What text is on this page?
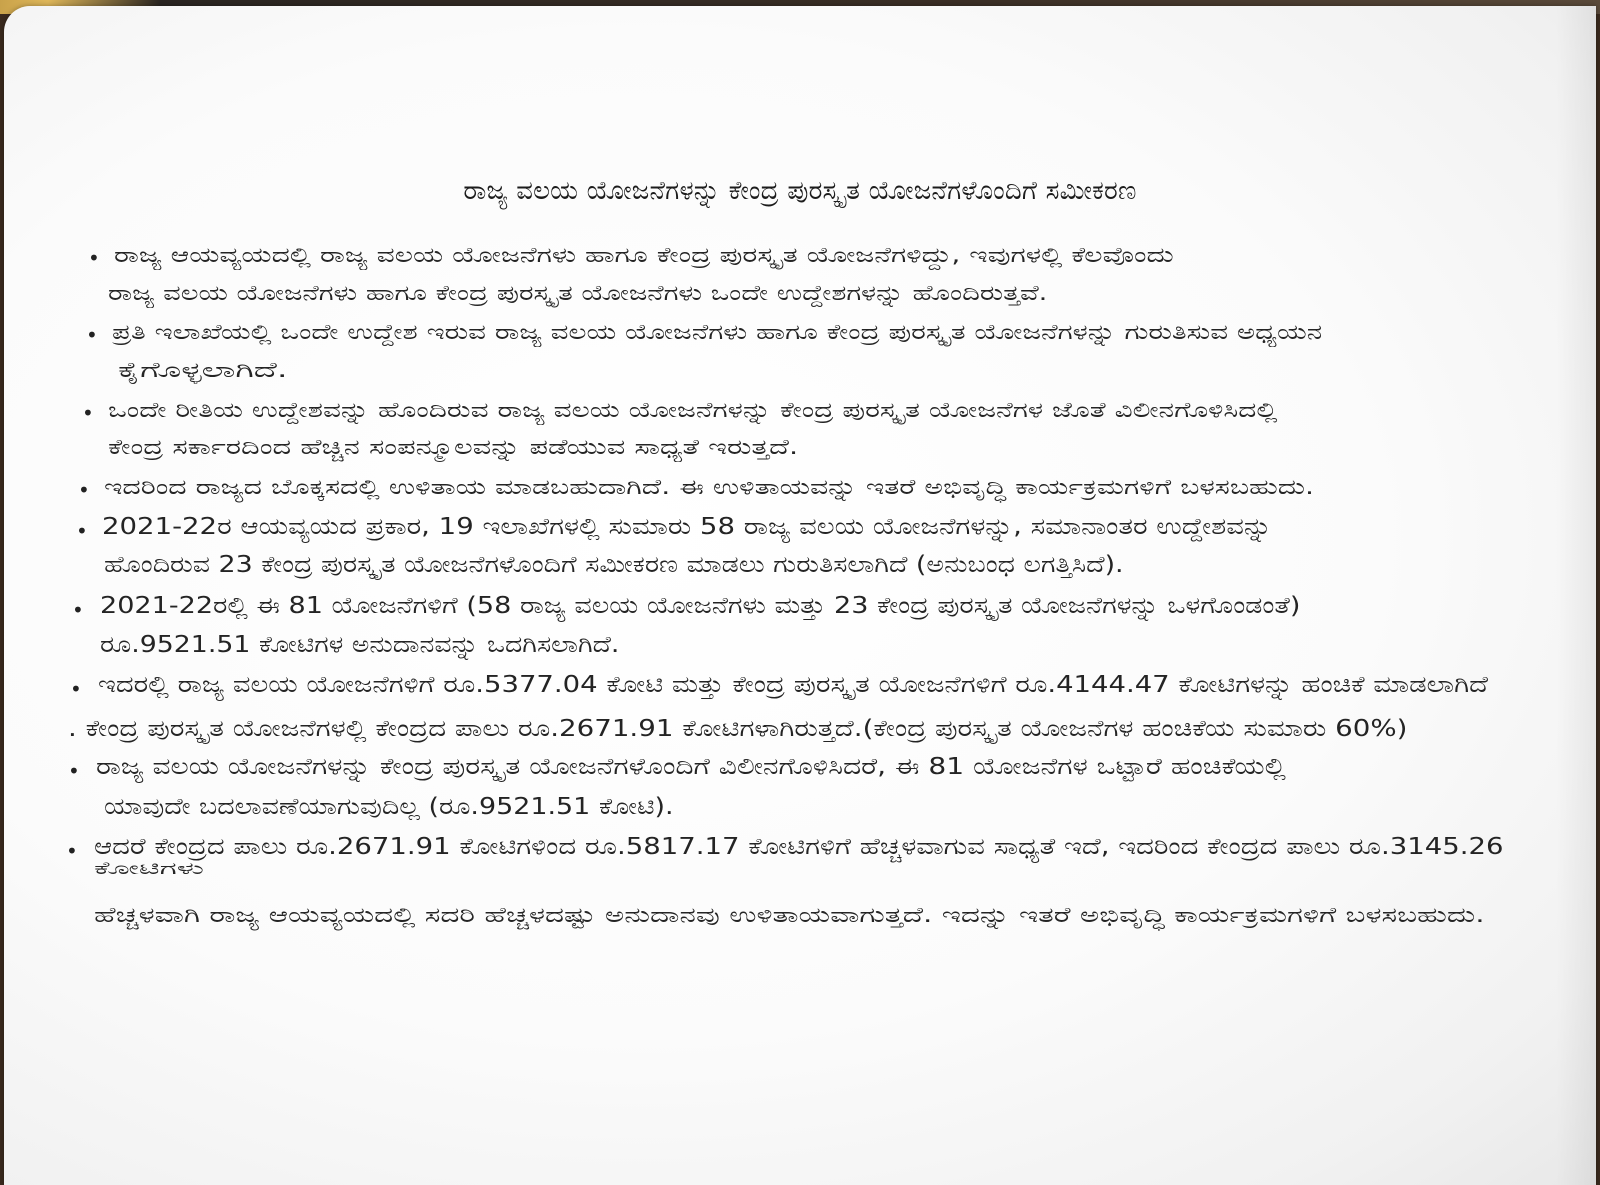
ರಾಜ್ಯ ವಲಯ ಯೋಜನೆಗಳನ್ನು ಕೇಂದ್ರ ಪುರಸ್ಕೃತ ಯೋಜನೆಗಳೊಂದಿಗೆ ಸಮೀಕರಣ
• ರಾಜ್ಯ ಆಯವ್ಯಯದಲ್ಲಿ ರಾಜ್ಯ ವಲಯ ಯೋಜನೆಗಳು ಹಾಗೂ ಕೇಂದ್ರ ಪುರಸ್ಕೃತ ಯೋಜನೆಗಳಿದ್ದು, ಇವುಗಳಲ್ಲಿ ಕೆಲವೊಂದು
ರಾಜ್ಯ ವಲಯ ಯೋಜನೆಗಳು ಹಾಗೂ ಕೇಂದ್ರ ಪುರಸ್ಕೃತ ಯೋಜನೆಗಳು ಒಂದೇ ಉದ್ದೇಶಗಳನ್ನು ಹೊಂದಿರುತ್ತವೆ.
• ಪ್ರತಿ ಇಲಾಖೆಯಲ್ಲಿ ಒಂದೇ ಉದ್ದೇಶ ಇರುವ ರಾಜ್ಯ ವಲಯ ಯೋಜನೆಗಳು ಹಾಗೂ ಕೇಂದ್ರ ಪುರಸ್ಕೃತ ಯೋಜನೆಗಳನ್ನು ಗುರುತಿಸುವ ಅಧ್ಯಯನ
ಕೈಗೊಳ್ಳಲಾಗಿದೆ.
• ಒಂದೇ ರೀತಿಯ ಉದ್ದೇಶವನ್ನು ಹೊಂದಿರುವ ರಾಜ್ಯ ವಲಯ ಯೋಜನೆಗಳನ್ನು ಕೇಂದ್ರ ಪುರಸ್ಕೃತ ಯೋಜನೆಗಳ ಜೊತೆ ವಿಲೀನಗೊಳಿಸಿದಲ್ಲಿ
ಕೇಂದ್ರ ಸರ್ಕಾರದಿಂದ ಹೆಚ್ಚಿನ ಸಂಪನ್ಮೂಲವನ್ನು ಪಡೆಯುವ ಸಾಧ್ಯತೆ ಇರುತ್ತದೆ.
• ಇದರಿಂದ ರಾಜ್ಯದ ಬೊಕ್ಕಸದಲ್ಲಿ ಉಳಿತಾಯ ಮಾಡಬಹುದಾಗಿದೆ. ಈ ಉಳಿತಾಯವನ್ನು ಇತರೆ ಅಭಿವೃದ್ಧಿ ಕಾರ್ಯಕ್ರಮಗಳಿಗೆ ಬಳಸಬಹುದು.
• 2021-22ರ ಆಯವ್ಯಯದ ಪ್ರಕಾರ, 19 ಇಲಾಖೆಗಳಲ್ಲಿ ಸುಮಾರು 58 ರಾಜ್ಯ ವಲಯ ಯೋಜನೆಗಳನ್ನು, ಸಮಾನಾಂತರ ಉದ್ದೇಶವನ್ನು
ಹೊಂದಿರುವ 23 ಕೇಂದ್ರ ಪುರಸ್ಕೃತ ಯೋಜನೆಗಳೊಂದಿಗೆ ಸಮೀಕರಣ ಮಾಡಲು ಗುರುತಿಸಲಾಗಿದೆ (ಅನುಬಂಧ ಲಗತ್ತಿಸಿದೆ).
• 2021-22ರಲ್ಲಿ ಈ 81 ಯೋಜನೆಗಳಿಗೆ (58 ರಾಜ್ಯ ವಲಯ ಯೋಜನೆಗಳು ಮತ್ತು 23 ಕೇಂದ್ರ ಪುರಸ್ಕೃತ ಯೋಜನೆಗಳನ್ನು ಒಳಗೊಂಡಂತೆ)
ರೂ.9521.51 ಕೋಟಿಗಳ ಅನುದಾನವನ್ನು ಒದಗಿಸಲಾಗಿದೆ.
• ಇದರಲ್ಲಿ ರಾಜ್ಯ ವಲಯ ಯೋಜನೆಗಳಿಗೆ ರೂ.5377.04 ಕೋಟಿ ಮತ್ತು ಕೇಂದ್ರ ಪುರಸ್ಕೃತ ಯೋಜನೆಗಳಿಗೆ ರೂ.4144.47 ಕೋಟಿಗಳನ್ನು ಹಂಚಿಕೆ ಮಾಡಲಾಗಿದೆ
. ಕೇಂದ್ರ ಪುರಸ್ಕೃತ ಯೋಜನೆಗಳಲ್ಲಿ ಕೇಂದ್ರದ ಪಾಲು ರೂ.2671.91 ಕೋಟಿಗಳಾಗಿರುತ್ತದೆ.(ಕೇಂದ್ರ ಪುರಸ್ಕೃತ ಯೋಜನೆಗಳ ಹಂಚಿಕೆಯ ಸುಮಾರು 60%)
• ರಾಜ್ಯ ವಲಯ ಯೋಜನೆಗಳನ್ನು ಕೇಂದ್ರ ಪುರಸ್ಕೃತ ಯೋಜನೆಗಳೊಂದಿಗೆ ವಿಲೀನಗೊಳಿಸಿದರೆ, ಈ 81 ಯೋಜನೆಗಳ ಒಟ್ಟಾರೆ ಹಂಚಿಕೆಯಲ್ಲಿ
ಯಾವುದೇ ಬದಲಾವಣೆಯಾಗುವುದಿಲ್ಲ (ರೂ.9521.51 ಕೋಟಿ).
• ಆದರೆ ಕೇಂದ್ರದ ಪಾಲು ರೂ.2671.91 ಕೋಟಿಗಳಿಂದ ರೂ.5817.17 ಕೋಟಿಗಳಿಗೆ ಹೆಚ್ಚಳವಾಗುವ ಸಾಧ್ಯತೆ ಇದೆ, ಇದರಿಂದ ಕೇಂದ್ರದ ಪಾಲು ರೂ.3145.26
ಕೋಟಿಗಳು
ಹೆಚ್ಚಳವಾಗಿ ರಾಜ್ಯ ಆಯವ್ಯಯದಲ್ಲಿ ಸದರಿ ಹೆಚ್ಚಳದಷ್ಟು ಅನುದಾನವು ಉಳಿತಾಯವಾಗುತ್ತದೆ. ಇದನ್ನು ಇತರೆ ಅಭಿವೃದ್ಧಿ ಕಾರ್ಯಕ್ರಮಗಳಿಗೆ ಬಳಸಬಹುದು.
